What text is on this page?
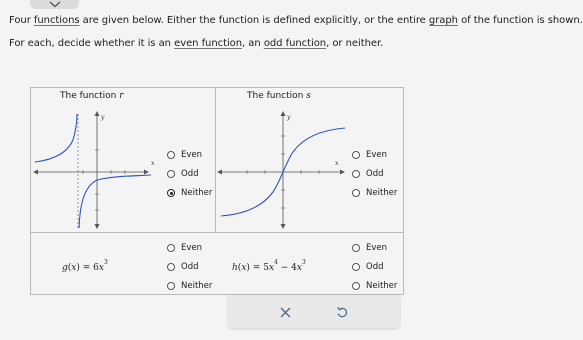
Four functions are given below. Either the function is defined explicitly, or the entire graph of the function is shown.
For each, decide whether it is an even function, an odd function, or neither.
The function r
y
x
Even
Odd
Neither
The function s
y
x
Even
Odd
Neither
$g(x) = 6x^3$
Even
Odd
Neither
$h(x) = 5x^4 - 4x^3$
Even
Odd
Neither
